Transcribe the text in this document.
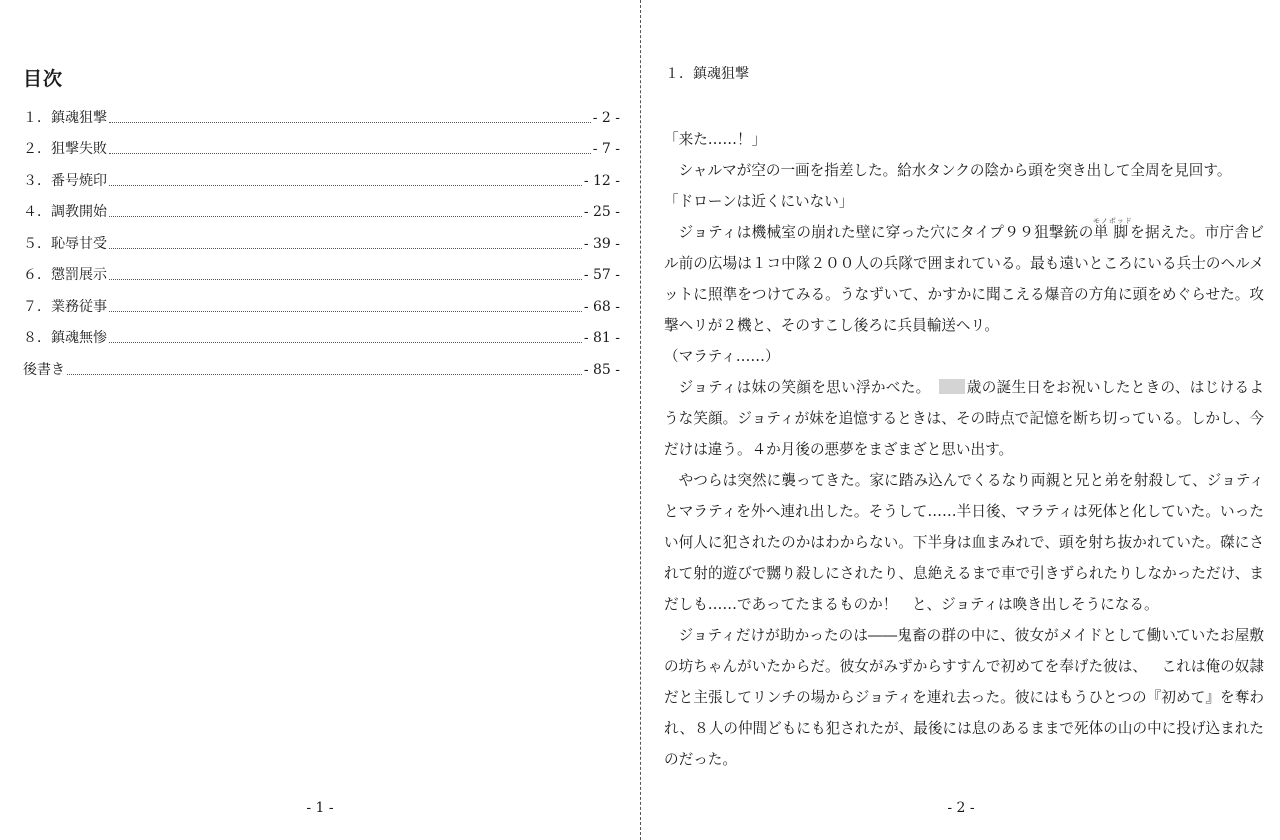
目次
１．鎮魂狙撃	- 2 -
２．狙撃失敗	- 7 -
３．番号焼印	- 12 -
４．調教開始	- 25 -
５．恥辱甘受	- 39 -
６．懲罰展示	- 57 -
７．業務従事	- 68 -
８．鎮魂無惨	- 81 -
後書き	- 85 -
- 1 -
１．鎮魂狙撃

「来た……！」

シャルマが空の一画を指差した。給水タンクの陰から頭を突き出して全周を見回す。

「ドローンは近くにいない」

ジョティは機械室の崩れた壁に穿った穴にタイプ９９狙撃銃の単モノ脚ポッドを据えた。市庁舎ビル前の広場は１コ中隊２００人の兵隊で囲まれている。最も遠いところにいる兵士のヘルメットに照準をつけてみる。うなずいて、かすかに聞こえる爆音の方角に頭をめぐらせた。攻撃ヘリが２機と、そのすこし後ろに兵員輸送ヘリ。

（マラティ……）

ジョティは妹の笑顔を思い浮かべた。 歳の誕生日をお祝いしたときの、はじけるような笑顔。ジョティが妹を追憶するときは、その時点で記憶を断ち切っている。しかし、今だけは違う。４か月後の悪夢をまざまざと思い出す。

やつらは突然に襲ってきた。家に踏み込んでくるなり両親と兄と弟を射殺して、ジョティとマラティを外へ連れ出した。そうして……半日後、マラティは死体と化していた。いったい何人に犯されたのかはわからない。下半身は血まみれで、頭を射ち抜かれていた。磔にされて射的遊びで嬲り殺しにされたり、息絶えるまで車で引きずられたりしなかっただけ、まだしも……であってたまるものか！　と、ジョティは喚き出しそうになる。

ジョティだけが助かったのは――鬼畜の群の中に、彼女がメイドとして働いていたお屋敷の坊ちゃんがいたからだ。彼女がみずからすすんで初めてを奉げた彼は、・ これは俺の奴隷だと主張してリンチの場からジョティを連れ去った。彼にはもうひとつの『初めて』を奪われ、８人の仲間どもにも犯されたが、最後には息のあるままで死体の山の中に投げ込まれたのだった。

- 2 -
